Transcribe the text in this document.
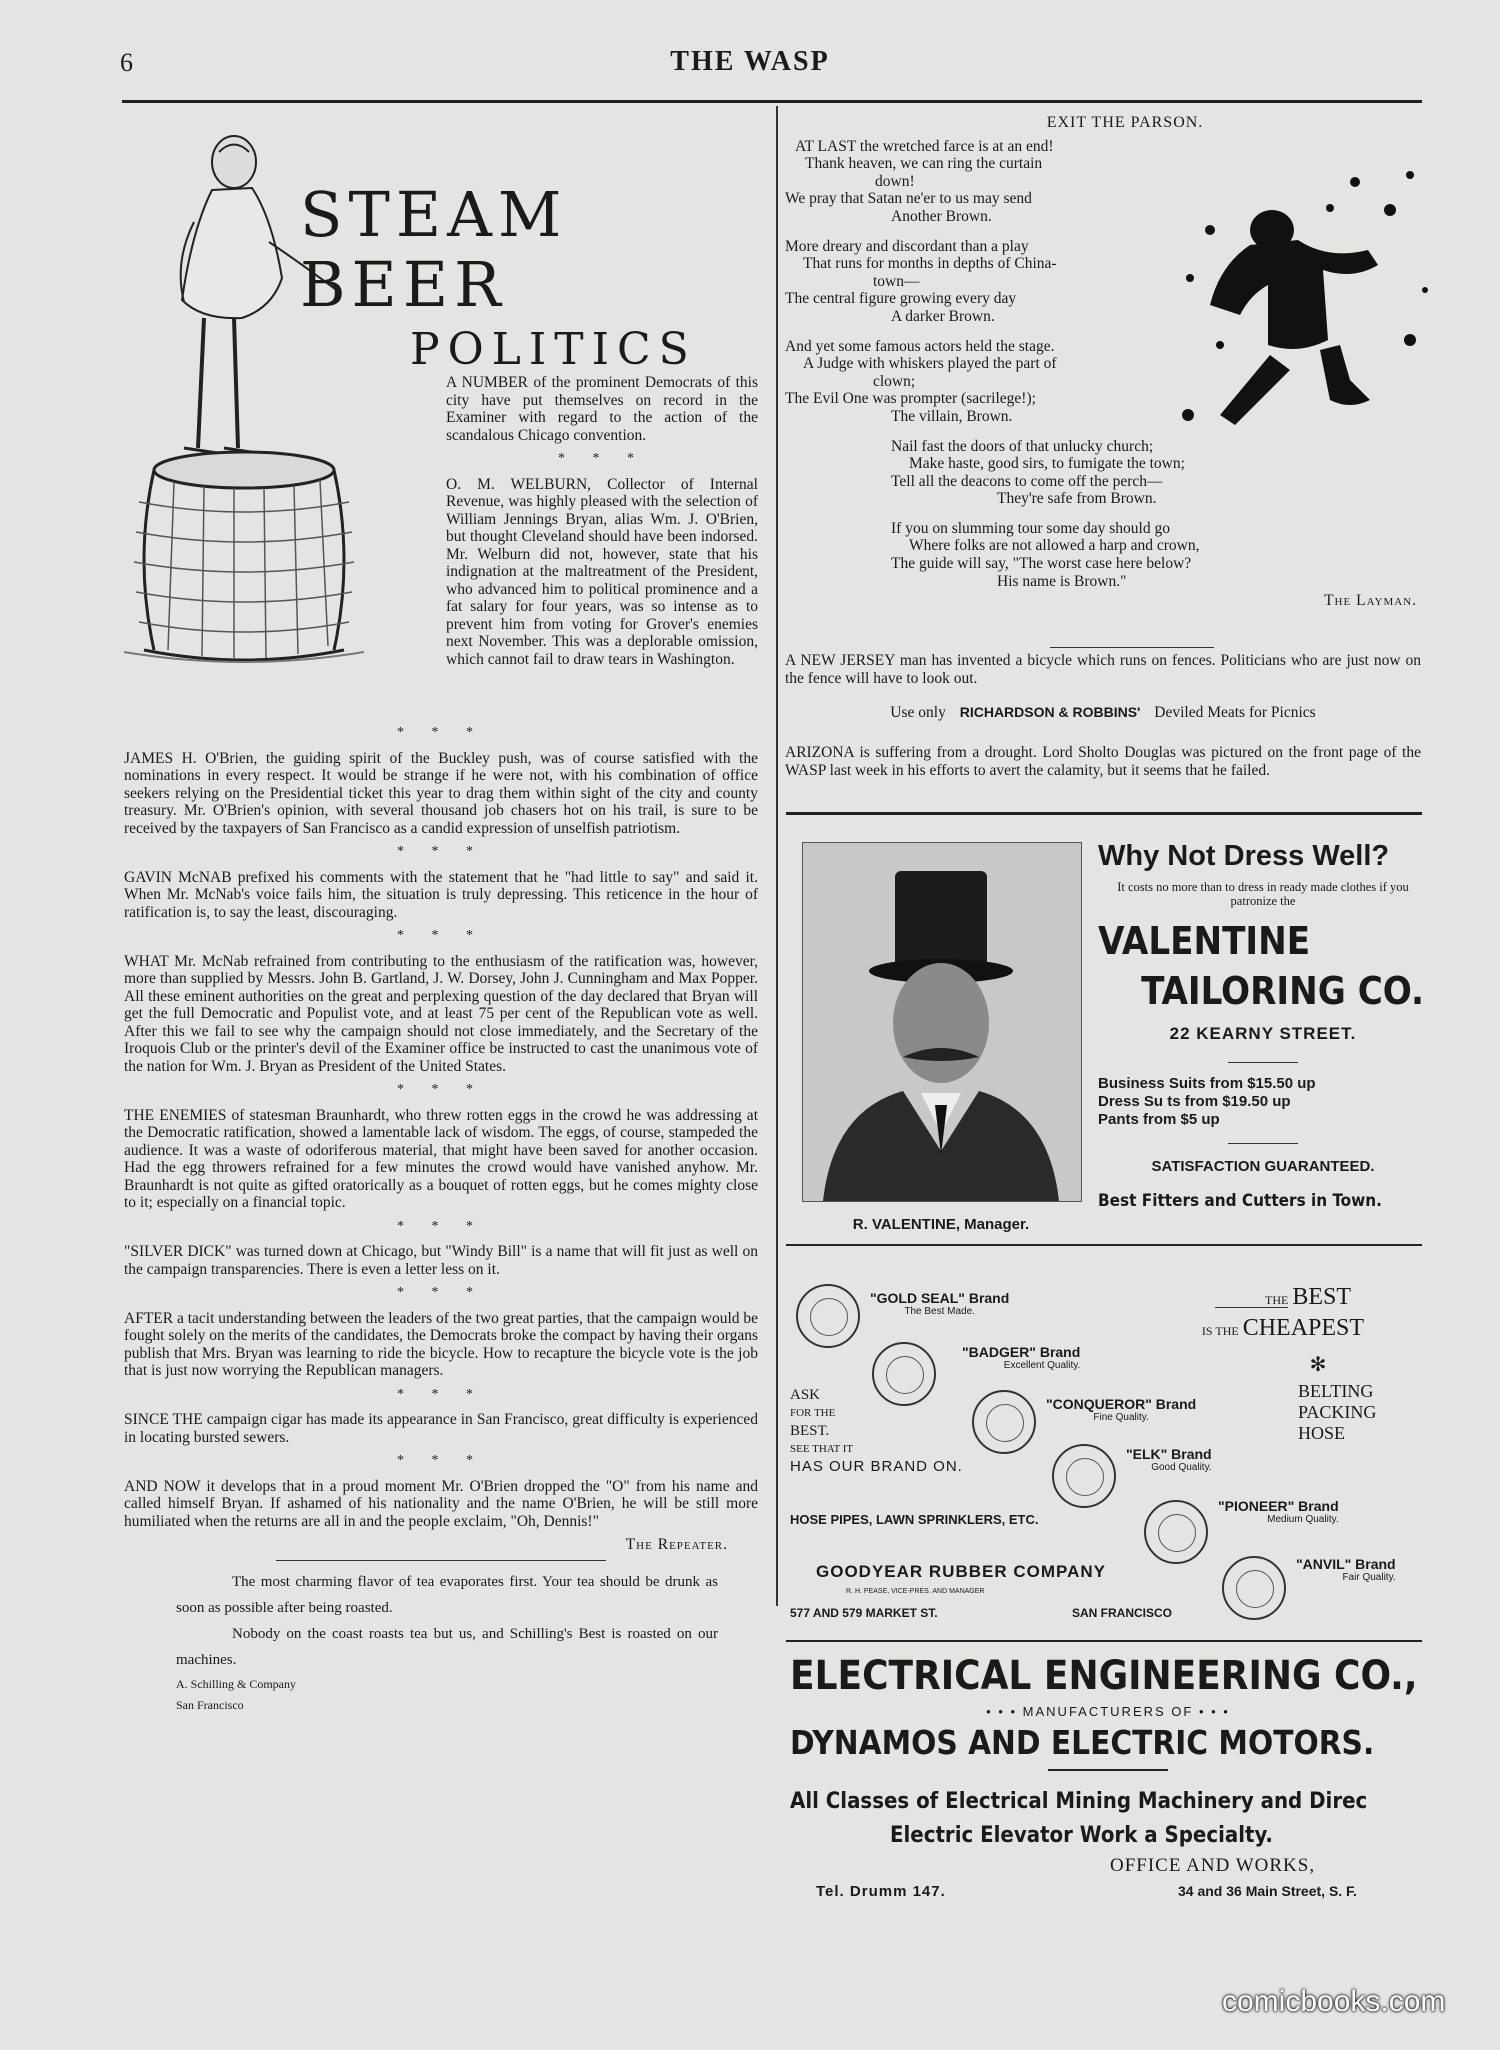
6	THE WASP
STEAM BEER
POLITICS

A NUMBER of the prominent Democrats of this city have put themselves on record in the Examiner with regard to the action of the scandalous Chicago convention.

* * *

O. M. WELBURN, Collector of Internal Revenue, was highly pleased with the selection of William Jennings Bryan, alias Wm. J. O'Brien, but thought Cleveland should have been indorsed. Mr. Welburn did not, however, state that his indignation at the maltreatment of the President, who advanced him to political prominence and a fat salary for four years, was so intense as to prevent him from voting for Grover's enemies next November. This was a deplorable omission, which cannot fail to draw tears in Washington.

* * *

JAMES H. O'Brien, the guiding spirit of the Buckley push, was of course satisfied with the nominations in every respect. It would be strange if he were not, with his combination of office seekers relying on the Presidential ticket this year to drag them within sight of the city and county treasury. Mr. O'Brien's opinion, with several thousand job chasers hot on his trail, is sure to be received by the taxpayers of San Francisco as a candid expression of unselfish patriotism.

* * *

GAVIN McNAB prefixed his comments with the statement that he "had little to say" and said it. When Mr. McNab's voice fails him, the situation is truly depressing. This reticence in the hour of ratification is, to say the least, discouraging.

* * *

WHAT Mr. McNab refrained from contributing to the enthusiasm of the ratification was, however, more than supplied by Messrs. John B. Gartland, J. W. Dorsey, John J. Cunningham and Max Popper. All these eminent authorities on the great and perplexing question of the day declared that Bryan will get the full Democratic and Populist vote, and at least 75 per cent of the Republican vote as well. After this we fail to see why the campaign should not close immediately, and the Secretary of the Iroquois Club or the printer's devil of the Examiner office be instructed to cast the unanimous vote of the nation for Wm. J. Bryan as President of the United States.

* * *

THE ENEMIES of statesman Braunhardt, who threw rotten eggs in the crowd he was addressing at the Democratic ratification, showed a lamentable lack of wisdom. The eggs, of course, stampeded the audience. It was a waste of odoriferous material, that might have been saved for another occasion. Had the egg throwers refrained for a few minutes the crowd would have vanished anyhow. Mr. Braunhardt is not quite as gifted oratorically as a bouquet of rotten eggs, but he comes mighty close to it; especially on a financial topic.

* * *

"SILVER DICK" was turned down at Chicago, but "Windy Bill" is a name that will fit just as well on the campaign transparencies. There is even a letter less on it.

* * *

AFTER a tacit understanding between the leaders of the two great parties, that the campaign would be fought solely on the merits of the candidates, the Democrats broke the compact by having their organs publish that Mrs. Bryan was learning to ride the bicycle. How to recapture the bicycle vote is the job that is just now worrying the Republican managers.

* * *

SINCE THE campaign cigar has made its appearance in San Francisco, great difficulty is experienced in locating bursted sewers.

* * *

AND NOW it develops that in a proud moment Mr. O'Brien dropped the "O" from his name and called himself Bryan. If ashamed of his nationality and the name O'Brien, he will be still more humiliated when the returns are all in and the people exclaim, "Oh, Dennis!"

The Repeater.

The most charming flavor of tea evaporates first. Your tea should be drunk as soon as possible after being roasted.

Nobody on the coast roasts tea but us, and Schilling's Best is roasted on our machines.

A. Schilling & Company
San Francisco
EXIT THE PARSON.
AT LAST the wretched farce is at an end!
Thank heaven, we can ring the curtain
down!
We pray that Satan ne'er to us may send
Another Brown.
More dreary and discordant than a play
That runs for months in depths of China-
town—
The central figure growing every day
A darker Brown.
And yet some famous actors held the stage.
A Judge with whiskers played the part of
clown;
The Evil One was prompter (sacrilege!);
The villain, Brown.
Nail fast the doors of that unlucky church;
Make haste, good sirs, to fumigate the town;
Tell all the deacons to come off the perch—
They're safe from Brown.
If you on slumming tour some day should go
Where folks are not allowed a harp and crown,
The guide will say, "The worst case here below?
His name is Brown."
The Layman.

A NEW JERSEY man has invented a bicycle which runs on fences. Politicians who are just now on the fence will have to look out.

Use only RICHARDSON & ROBBINS' Deviled Meats for Picnics

ARIZONA is suffering from a drought. Lord Sholto Douglas was pictured on the front page of the WASP last week in his efforts to avert the calamity, but it seems that he failed.

R. VALENTINE, Manager.
Why Not Dress Well?
It costs no more than to dress in ready made clothes if you patronize the
VALENTINE
TAILORING CO.
22 KEARNY STREET.
Business Suits from $15.50 up
Dress Su ts from $19.50 up
Pants from $5 up
SATISFACTION GUARANTEED.
Best Fitters and Cutters in Town.
"GOLD SEAL" Brand
The Best Made.
"BADGER" Brand
Excellent Quality.
"CONQUEROR" Brand
Fine Quality.
"ELK" Brand
Good Quality.
"PIONEER" Brand
Medium Quality.
"ANVIL" Brand
Fair Quality.
ASK
FOR THE
BEST.
SEE THAT IT
HAS OUR BRAND ON.
THE BEST
IS THE CHEAPEST
✻
BELTING
PACKING
HOSE
HOSE PIPES, LAWN SPRINKLERS, ETC.
GOODYEAR RUBBER COMPANY
R. H. PEASE, VICE-PRES. AND MANAGER
577 AND 579 MARKET ST.	SAN FRANCISCO
ELECTRICAL ENGINEERING CO.,
• • • MANUFACTURERS OF • • •
DYNAMOS AND ELECTRIC MOTORS.
All Classes of Electrical Mining Machinery and Direc
Electric Elevator Work a Specialty.
OFFICE AND WORKS,
Tel. Drumm 147.	34 and 36 Main Street, S. F.
comicbooks.com
